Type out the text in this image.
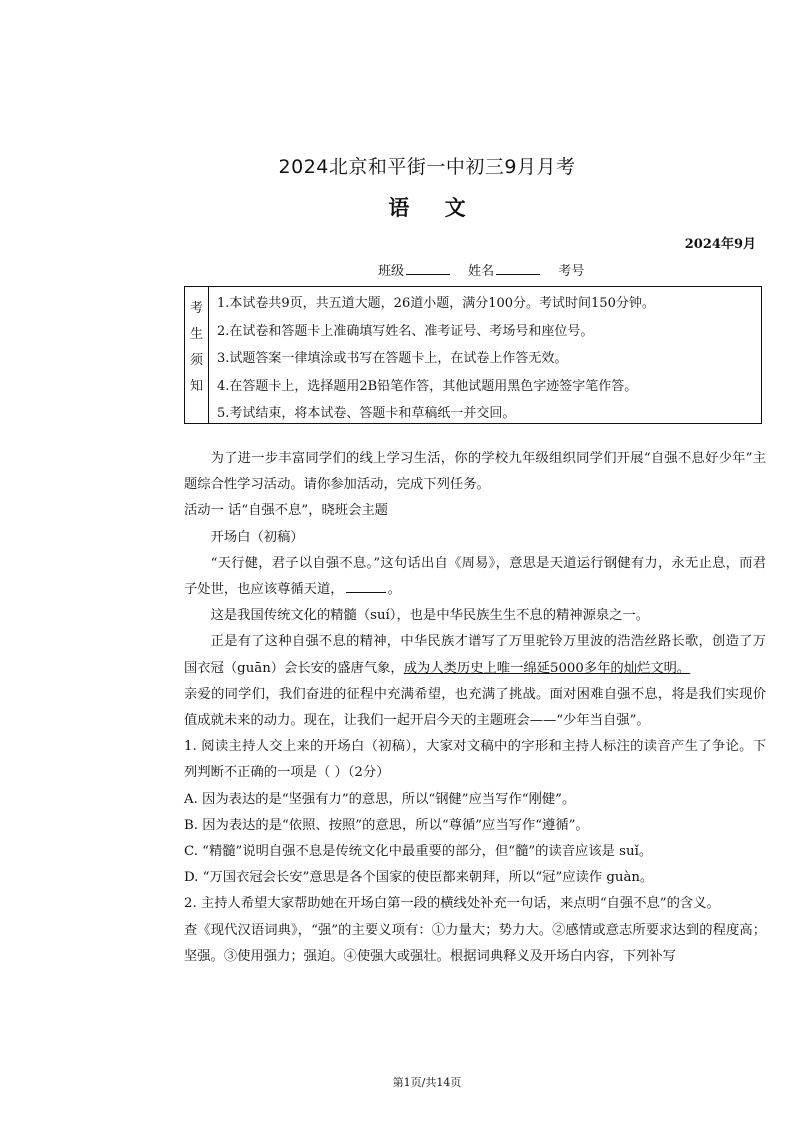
2024北京和平街一中初三9月月考
语 文
2024年9月
班级	姓名	考号
考
生
须
知
1.本试卷共9页，共五道大题，26道小题，满分100分。考试时间150分钟。
2.在试卷和答题卡上准确填写姓名、准考证号、考场号和座位号。
3.试题答案一律填涂或书写在答题卡上，在试卷上作答无效。
4.在答题卡上，选择题用2B铅笔作答，其他试题用黑色字迹签字笔作答。
5.考试结束，将本试卷、答题卡和草稿纸一并交回。

为了进一步丰富同学们的线上学习生活，你的学校九年级组织同学们开展“自强不息好少年”主题综合性学习活动。请你参加活动，完成下列任务。

活动一 话“自强不息”，晓班会主题

开场白（初稿）

“天行健，君子以自强不息。”这句话出自《周易》，意思是天道运行钢健有力，永无止息，而君子处世，也应该尊循天道，	。

这是我国传统文化的精髓（suí），也是中华民族生生不息的精神源泉之一。

正是有了这种自强不息的精神，中华民族才谱写了万里驼铃万里波的浩浩丝路长歌，创造了万国衣冠（guān）会长安的盛唐气象，成为人类历史上唯一绵延5000多年的灿烂文明。

亲爱的同学们，我们奋进的征程中充满希望，也充满了挑战。面对困难自强不息，将是我们实现价值成就未来的动力。现在，让我们一起开启今天的主题班会——“少年当自强”。

1. 阅读主持人交上来的开场白（初稿），大家对文稿中的字形和主持人标注的读音产生了争论。下列判断不正确的一项是（ ）（2分）

A. 因为表达的是“坚强有力”的意思，所以“钢健”应当写作“刚健”。

B. 因为表达的是“依照、按照”的意思，所以“尊循”应当写作“遵循”。

C. “精髓”说明自强不息是传统文化中最重要的部分，但“髓”的读音应该是 suǐ。

D. “万国衣冠会长安”意思是各个国家的使臣都来朝拜，所以“冠”应读作 guàn。

2. 主持人希望大家帮助她在开场白第一段的横线处补充一句话，来点明“自强不息”的含义。

查《现代汉语词典》，“强”的主要义项有：①力量大；势力大。②感情或意志所要求达到的程度高；坚强。③使用强力；强迫。④使强大或强壮。根据词典释义及开场白内容，下列补写

第1页/共14页
